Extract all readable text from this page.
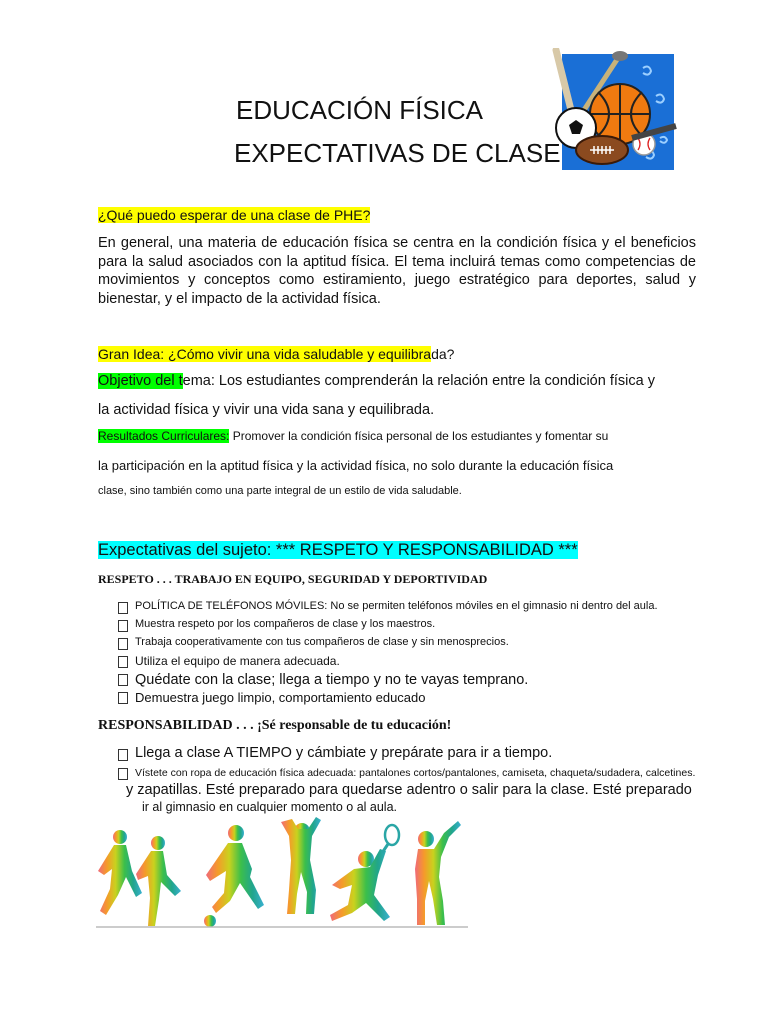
EDUCACIÓN FÍSICA
EXPECTATIVAS DE CLASE
¿Qué puedo esperar de una clase de PHE?
En general, una materia de educación física se centra en la condición física y el beneficios para la salud asociados con la aptitud física. El tema incluirá temas como competencias de movimientos y conceptos como estiramiento, juego estratégico para deportes, salud y bienestar, y el impacto de la actividad física.
Gran Idea: ¿Cómo vivir una vida saludable y equilibrada?
Objetivo del tema: Los estudiantes comprenderán la relación entre la condición física y
la actividad física y vivir una vida sana y equilibrada.
Resultados Curriculares: Promover la condición física personal de los estudiantes y fomentar su
la participación en la aptitud física y la actividad física, no solo durante la educación física
clase, sino también como una parte integral de un estilo de vida saludable.
Expectativas del sujeto: *** RESPETO Y RESPONSABILIDAD ***
RESPETO . . . TRABAJO EN EQUIPO, SEGURIDAD Y DEPORTIVIDAD
POLÍTICA DE TELÉFONOS MÓVILES: No se permiten teléfonos móviles en el gimnasio ni dentro del aula.
Muestra respeto por los compañeros de clase y los maestros.
Trabaja cooperativamente con tus compañeros de clase y sin menosprecios.
Utiliza el equipo de manera adecuada.
Quédate con la clase; llega a tiempo y no te vayas temprano.
Demuestra juego limpio, comportamiento educado
RESPONSABILIDAD . . . ¡Sé responsable de tu educación!
Llega a clase A TIEMPO y cámbiate y prepárate para ir a tiempo.
Vístete con ropa de educación física adecuada: pantalones cortos/pantalones, camiseta, chaqueta/sudadera, calcetines.
y zapatillas. Esté preparado para quedarse adentro o salir para la clase. Esté preparado
ir al gimnasio en cualquier momento o al aula.
